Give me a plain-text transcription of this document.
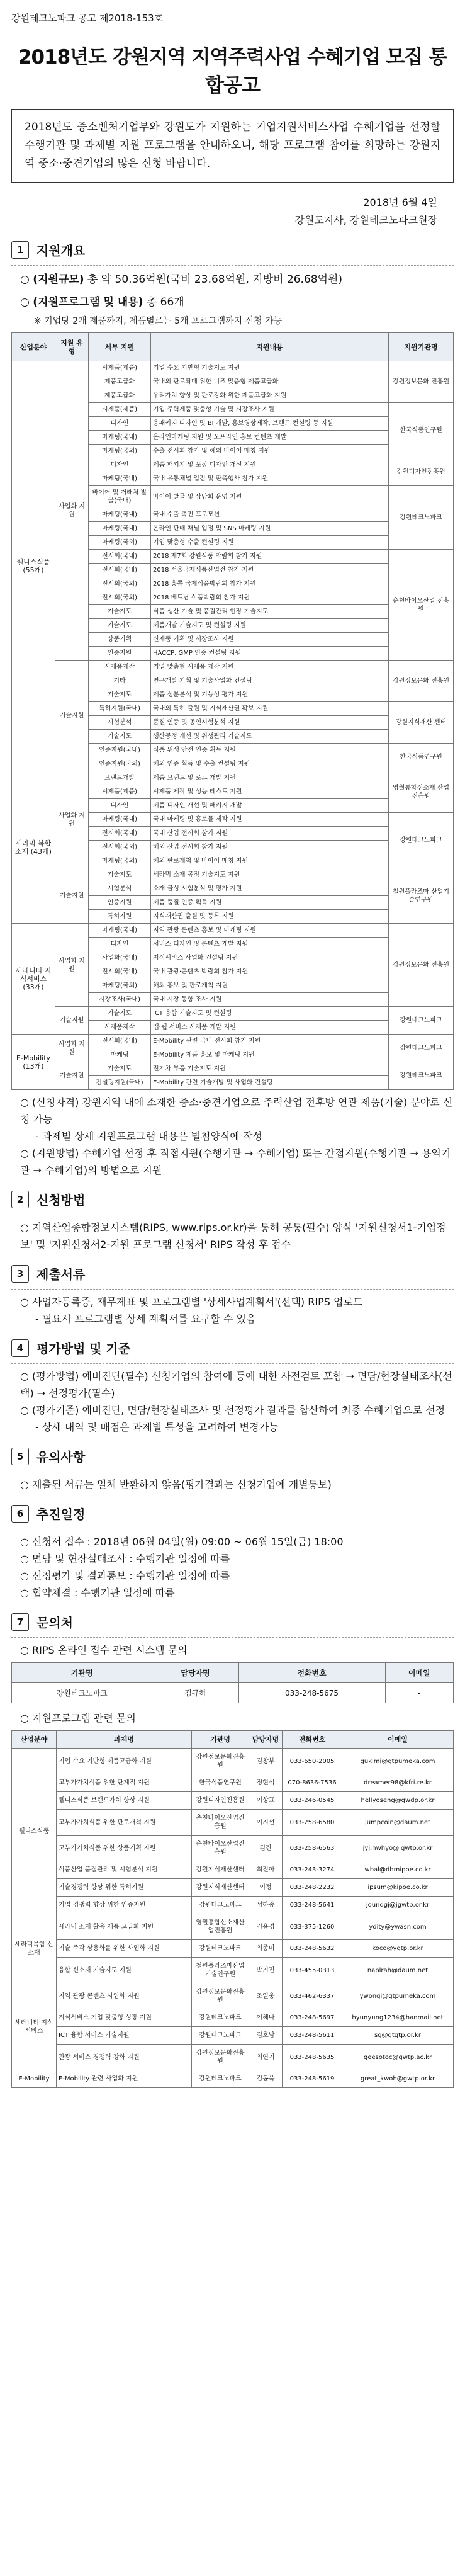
강원테크노파크 공고 제2018-153호
2018년도 강원지역 지역주력사업 수혜기업 모집 통합공고
2018년도 중소벤처기업부와 강원도가 지원하는 기업지원서비스사업 수혜기업을 선정할 수행기관 및 과제별 지원 프로그램을 안내하오니, 해당 프로그램 참여를 희망하는 강원지역 중소·중견기업의 많은 신청 바랍니다.
2018년 6월 4일
강원도지사, 강원테크노파크원장
1	지원개요
○ (지원규모) 총 약 50.36억원(국비 23.68억원, 지방비 26.68억원)
○ (지원프로그램 및 내용) 총 66개
※ 기업당 2개 제품까지, 제품별로는 5개 프로그램까지 신청 가능
산업분야	지원 유형	세부 지원	지원내용	지원기관명
웰니스식품 (55개)	사업화 지원	시제품(제품)	기업 수요 기반형 기술지도 지원	강원정보문화 진흥원
		제품고급화	국내외 판로확대 위한 니즈 맞춤형 제품고급화	
		제품고급화	우리가치 향상 및 판로강화 위한 제품고급화 지원	
		시제품(제품)	기업 주력제품 맞춤형 기술 및 시장조사 지원	한국식품연구원
		디자인	용패키지 디자인 및 BI 개발, 홍보영상제작, 브랜드 컨설팅 등 지원	
		마케팅(국내)	온라인마케팅 지원 및 오프라인 홍보 컨텐츠 개발	
		마케팅(국외)	수출 전시회 참가 및 해외 바이어 매칭 지원	
		디자인	제품 패키지 및 포장 디자인 개선 지원	강원디자인진흥원
		마케팅(국내)	국내 유통채널 입점 및 판촉행사 참가 지원	
		바이어 및 거래처 발굴(국내)	바이어 발굴 및 상담회 운영 지원	강원테크노파크
		마케팅(국내)	국내 수출 촉진 프로모션	
		마케팅(국내)	온라인 판매 채널 입점 및 SNS 마케팅 지원	
		마케팅(국외)	기업 맞춤형 수출 컨설팅 지원	
		전시회(국내)	2018 제7회 강원식품 박람회 참가 지원	춘천바이오산업 진흥원
		전시회(국내)	2018 서울국제식품산업전 참가 지원	
		전시회(국외)	2018 홍콩 국제식품박람회 참가 지원	
		전시회(국외)	2018 베트남 식품박람회 참가 지원	
		기술지도	식품 생산 기술 및 품질관리 현장 기술지도	
		기술지도	제품개발 기술지도 및 컨설팅 지원	
		상품기획	신제품 기획 및 시장조사 지원	
		인증지원	HACCP, GMP 인증 컨설팅 지원	
	기술지원	시제품제작	기업 맞춤형 시제품 제작 지원	강원정보문화 진흥원
		기타	연구개발 기획 및 기술사업화 컨설팅	
		기술지도	제품 성분분석 및 기능성 평가 지원	
		특허지원(국내)	국내외 특허 출원 및 지식재산권 확보 지원	강원지식재산 센터
		시험분석	품질 인증 및 공인시험분석 지원	
		기술지도	생산공정 개선 및 위생관리 기술지도	
		인증지원(국내)	식품 위생 안전 인증 획득 지원	한국식품연구원
		인증지원(국외)	해외 인증 획득 및 수출 컨설팅 지원	
세라믹 복합소재 (43개)	사업화 지원	브랜드개발	제품 브랜드 및 로고 개발 지원	영월통합신소재 산업 진흥원
		시제품(제품)	시제품 제작 및 성능 테스트 지원	
		디자인	제품 디자인 개선 및 패키지 개발	
		마케팅(국내)	국내 마케팅 및 홍보물 제작 지원	강원테크노파크
		전시회(국내)	국내 산업 전시회 참가 지원	
		전시회(국외)	해외 산업 전시회 참가 지원	
		마케팅(국외)	해외 판로개척 및 바이어 매칭 지원	
	기술지원	기술지도	세라믹 소재 공정 기술지도 지원	철원플라즈마 산업기술연구원
		시험분석	소재 물성 시험분석 및 평가 지원	
		인증지원	제품 품질 인증 획득 지원	
		특허지원	지식재산권 출원 및 등록 지원	
세레니티 지식서비스 (33개)	사업화 지원	마케팅(국내)	지역 관광 콘텐츠 홍보 및 마케팅 지원	강원정보문화 진흥원
		디자인	서비스 디자인 및 콘텐츠 개발 지원	
		사업화(국내)	지식서비스 사업화 컨설팅 지원	
		전시회(국내)	국내 관광·콘텐츠 박람회 참가 지원	
		마케팅(국외)	해외 홍보 및 판로개척 지원	
		시장조사(국내)	국내 시장 동향 조사 지원	
	기술지원	기술지도	ICT 융합 기술지도 및 컨설팅	강원테크노파크
		시제품제작	앱·웹 서비스 시제품 개발 지원	
E-Mobility (13개)	사업화 지원	전시회(국내)	E-Mobility 관련 국내 전시회 참가 지원	강원테크노파크
		마케팅	E-Mobility 제품 홍보 및 마케팅 지원	
	기술지원	기술지도	전기차 부품 기술지도 지원	강원테크노파크
		컨설팅지원(국내)	E-Mobility 관련 기술개발 및 사업화 컨설팅	
○ (신청자격) 강원지역 내에 소재한 중소·중견기업으로 주력산업 전후방 연관 제품(기술) 분야로 신청 가능
- 과제별 상세 지원프로그램 내용은 별첨양식에 작성
○ (지원방법) 수혜기업 선정 후 직접지원(수행기관 → 수혜기업) 또는 간접지원(수행기관 → 용역기관 → 수혜기업)의 방법으로 지원
2	신청방법
○ 지역산업종합정보시스템(RIPS, www.rips.or.kr)을 통해 공통(필수) 양식 '지원신청서1-기업정보' 및 '지원신청서2-지원 프로그램 신청서' RIPS 작성 후 접수
3	제출서류
○ 사업자등록증, 재무제표 및 프로그램별 '상세사업계획서'(선택) RIPS 업로드
- 필요시 프로그램별 상세 계획서를 요구할 수 있음
4	평가방법 및 기준
○ (평가방법) 예비진단(필수) 신청기업의 참여에 등에 대한 사전검토 포함 → 면담/현장실태조사(선택) → 선정평가(필수)
○ (평가기준) 예비진단, 면담/현장실태조사 및 선정평가 결과를 합산하여 최종 수혜기업으로 선정
- 상세 내역 및 배점은 과제별 특성을 고려하여 변경가능
5	유의사항
○ 제출된 서류는 일체 반환하지 않음(평가결과는 신청기업에 개별통보)
6	추진일정
○ 신청서 접수 : 2018년 06월 04일(월) 09:00 ~ 06월 15일(금) 18:00
○ 면담 및 현장실태조사 : 수행기관 일정에 따름
○ 선정평가 및 결과통보 : 수행기관 일정에 따름
○ 협약체결 : 수행기관 일정에 따름
7	문의처
○ RIPS 온라인 접수 관련 시스템 문의
기관명	담당자명	전화번호	이메일
강원테크노파크	김규하	033-248-5675	-
○ 지원프로그램 관련 문의
산업분야	과제명	기관명	담당자명	전화번호	이메일
웰니스식품	기업 수요 기반형 제품고급화 지원	강원정보문화진흥원	김창부	033-650-2005	gukimi@gtpumeka.com
	고부가가치식품 위한 단계적 지원	한국식품연구원	정현석	070-8636-7536	dreamer98@kfri.re.kr
	웰니스식품 브랜드가치 향상 지원	강원디자인진흥원	이상표	033-246-0545	hellyoseng@gwdp.or.kr
	고부가가치식품 위한 판로개척 지원	춘천바이오산업진흥원	이지선	033-258-6580	jumpcoin@daum.net
	고부가가치식품 위한 상품기획 지원	춘천바이오산업진흥원	김진	033-258-6563	jyj.hwhyo@jgwtp.or.kr
	식품산업 품질관리 및 시험분석 지원	강원지식재산센터	최진아	033-243-3274	wbal@dhmipoe.co.kr
	기술경쟁력 향상 위한 특허지원	강원지식재산센터	이정	033-248-2232	ipsum@kipoe.co.kr
	기업 경쟁력 향상 위한 인증지원	강원테크노파크	성하중	033-248-5641	jounqgj@jgwtp.or.kr
세라믹복합 신소재	세라믹 소재 활용 제품 고급화 지원	영월통합신소재산업진흥원	김윤경	033-375-1260	ydity@ywasn.com
	기술 즉각 상용화를 위한 사업화 지원	강원테크노파크	최종미	033-248-5632	koco@ygtp.or.kr
	융합 신소재 기술지도 지원	철원플라즈마산업기술연구원	박기진	033-455-0313	naplrah@daum.net
세레니티 지식서비스	지역 관광 콘텐츠 사업화 지원	강원정보문화진흥원	조일웅	033-462-6337	ywongi@gtpumeka.com
	지식서비스 기업 맞춤형 성장 지원	강원테크노파크	이혜나	033-248-5697	hyunyung1234@hanmail.net
	ICT 융합 서비스 기술지원	강원테크노파크	김호남	033-248-5611	sg@gtgtp.or.kr
	관광 서비스 경쟁력 강화 지원	강원정보문화진흥원	최연기	033-248-5635	geesotoc@gwtp.ac.kr
E-Mobility	E-Mobility 관련 사업화 지원	강원테크노파크	김동욱	033-248-5619	great_kwoh@gwtp.or.kr
